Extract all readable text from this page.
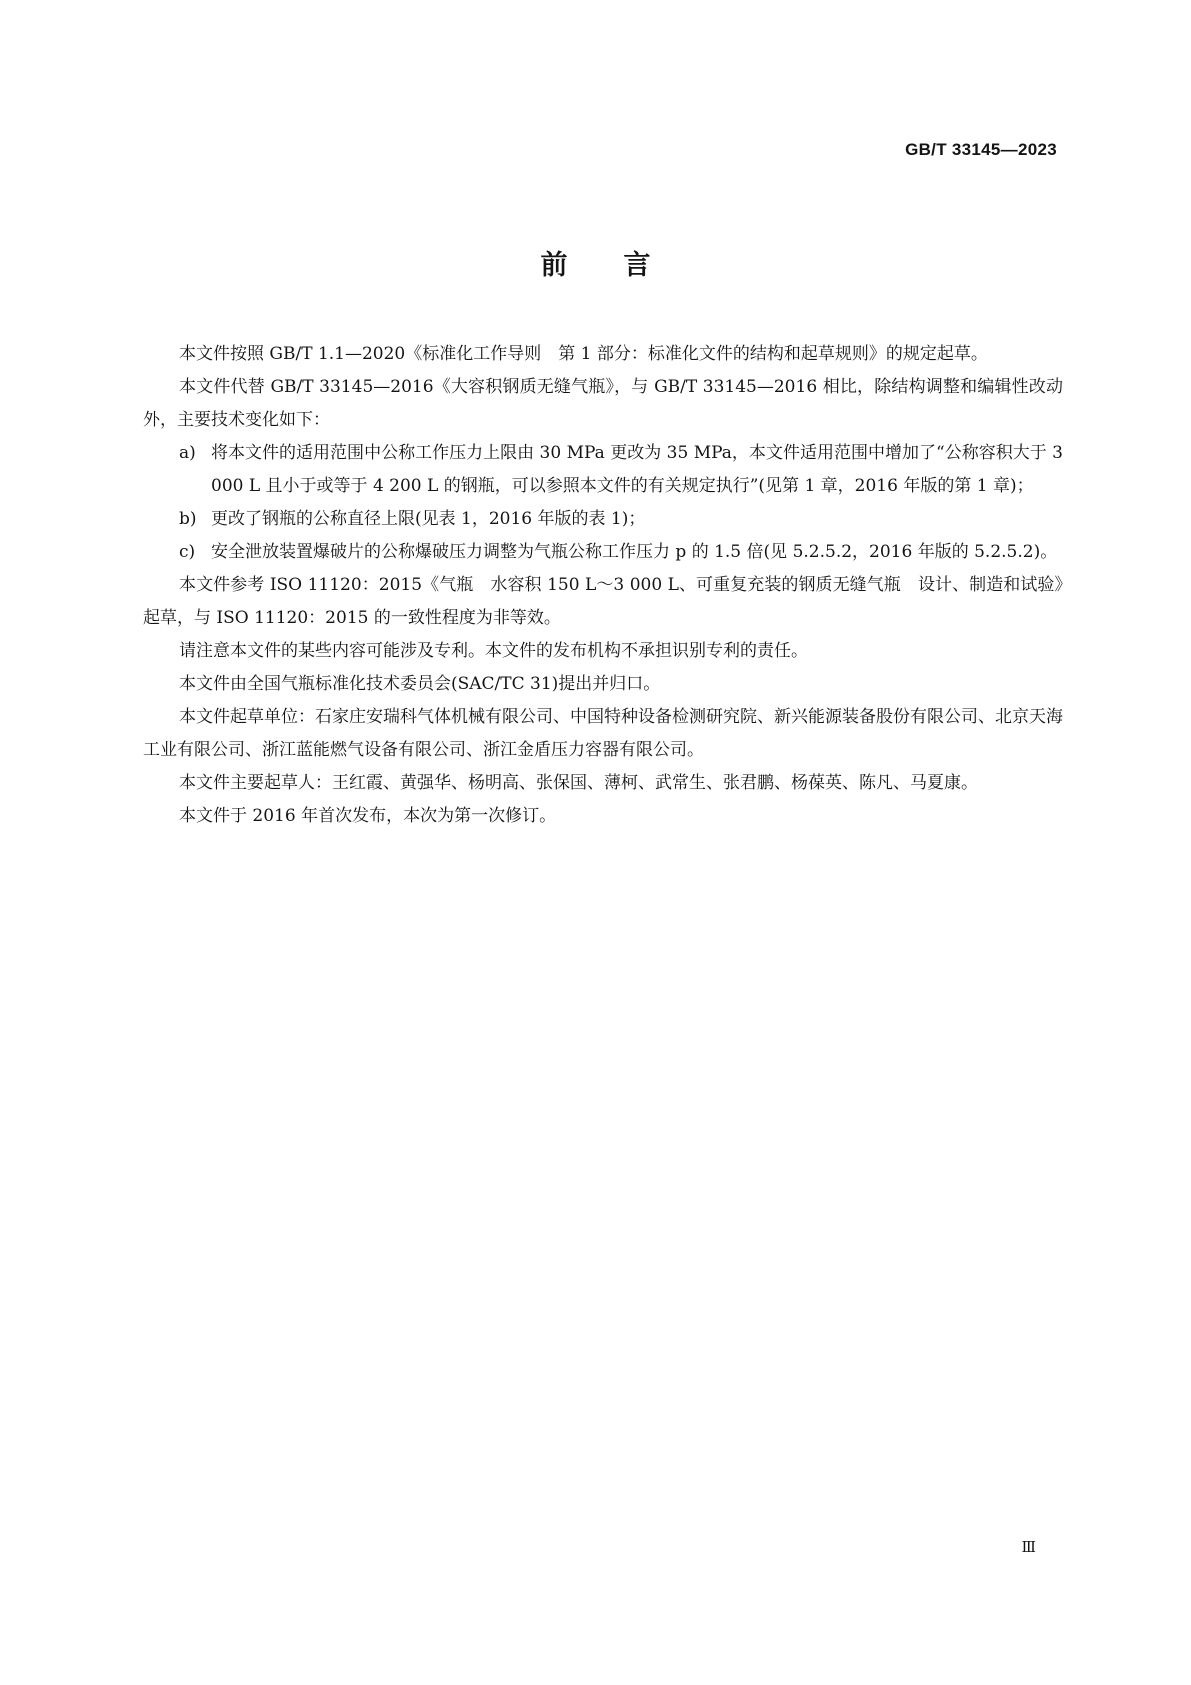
GB/T 33145—2023
前言

本文件按照 GB/T 1.1—2020《标准化工作导则　第 1 部分：标准化文件的结构和起草规则》的规定起草。

本文件代替 GB/T 33145—2016《大容积钢质无缝气瓶》，与 GB/T 33145—2016 相比，除结构调整和编辑性改动外，主要技术变化如下：

a) 将本文件的适用范围中公称工作压力上限由 30 MPa 更改为 35 MPa，本文件适用范围中增加了“公称容积大于 3 000 L 且小于或等于 4 200 L 的钢瓶，可以参照本文件的有关规定执行”(见第 1 章，2016 年版的第 1 章)；
b) 更改了钢瓶的公称直径上限(见表 1，2016 年版的表 1)；
c) 安全泄放装置爆破片的公称爆破压力调整为气瓶公称工作压力 p 的 1.5 倍(见 5.2.5.2，2016 年版的 5.2.5.2)。

本文件参考 ISO 11120：2015《气瓶　水容积 150 L～3 000 L、可重复充装的钢质无缝气瓶　设计、制造和试验》起草，与 ISO 11120：2015 的一致性程度为非等效。

请注意本文件的某些内容可能涉及专利。本文件的发布机构不承担识别专利的责任。

本文件由全国气瓶标准化技术委员会(SAC/TC 31)提出并归口。

本文件起草单位：石家庄安瑞科气体机械有限公司、中国特种设备检测研究院、新兴能源装备股份有限公司、北京天海工业有限公司、浙江蓝能燃气设备有限公司、浙江金盾压力容器有限公司。

本文件主要起草人：王红霞、黄强华、杨明高、张保国、薄柯、武常生、张君鹏、杨葆英、陈凡、马夏康。

本文件于 2016 年首次发布，本次为第一次修订。

Ⅲ
